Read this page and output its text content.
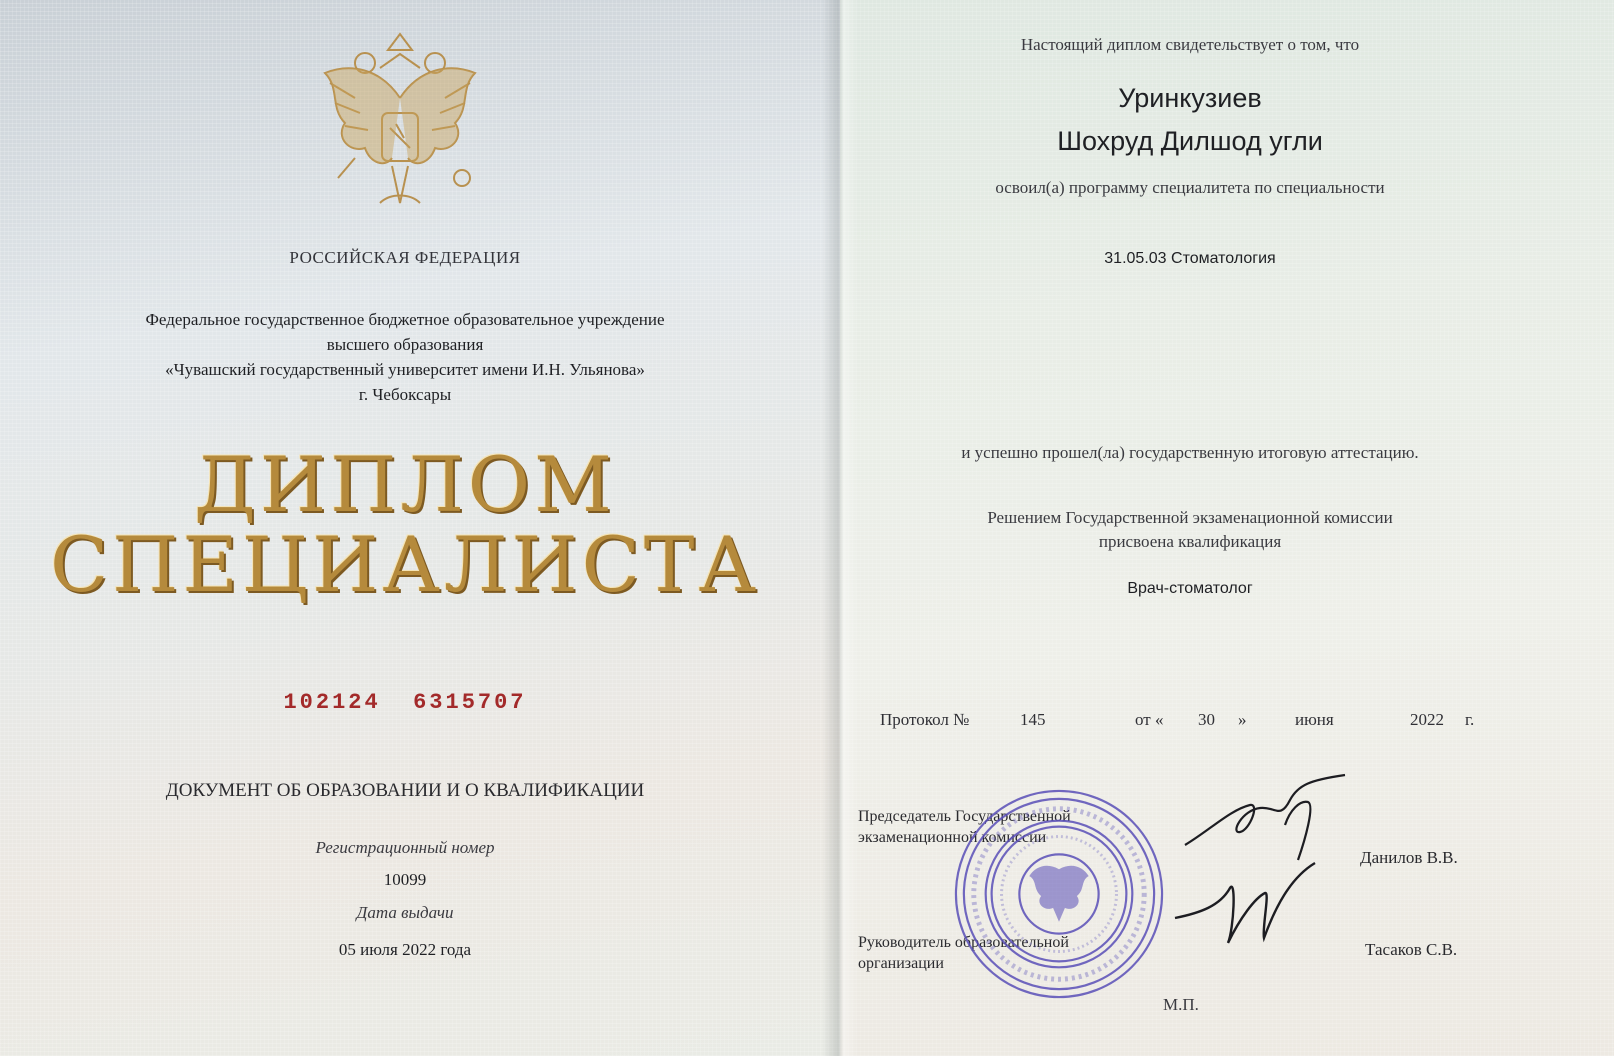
РОССИЙСКАЯ ФЕДЕРАЦИЯ
Федеральное государственное бюджетное образовательное учреждение
высшего образования
«Чувашский государственный университет имени И.Н. Ульянова»
г. Чебоксары
ДИПЛОМ
СПЕЦИАЛИСТА
102124  6315707
ДОКУМЕНТ ОБ ОБРАЗОВАНИИ И О КВАЛИФИКАЦИИ
Регистрационный номер
10099
Дата выдачи
05 июля 2022 года
Настоящий диплом свидетельствует о том, что
Уринкузиев
Шохруд Дилшод угли
освоил(а) программу специалитета по специальности
31.05.03 Стоматология
и успешно прошел(ла) государственную итоговую аттестацию.
Решением Государственной экзаменационной комиссии
присвоена квалификация
Врач-стоматолог
Протокол №	145	от « 30 »	июня	2022 г.
Председатель Государственной экзаменационной комиссии
Данилов В.В.
Руководитель образовательной организации
Тасаков С.В.
М.П.
